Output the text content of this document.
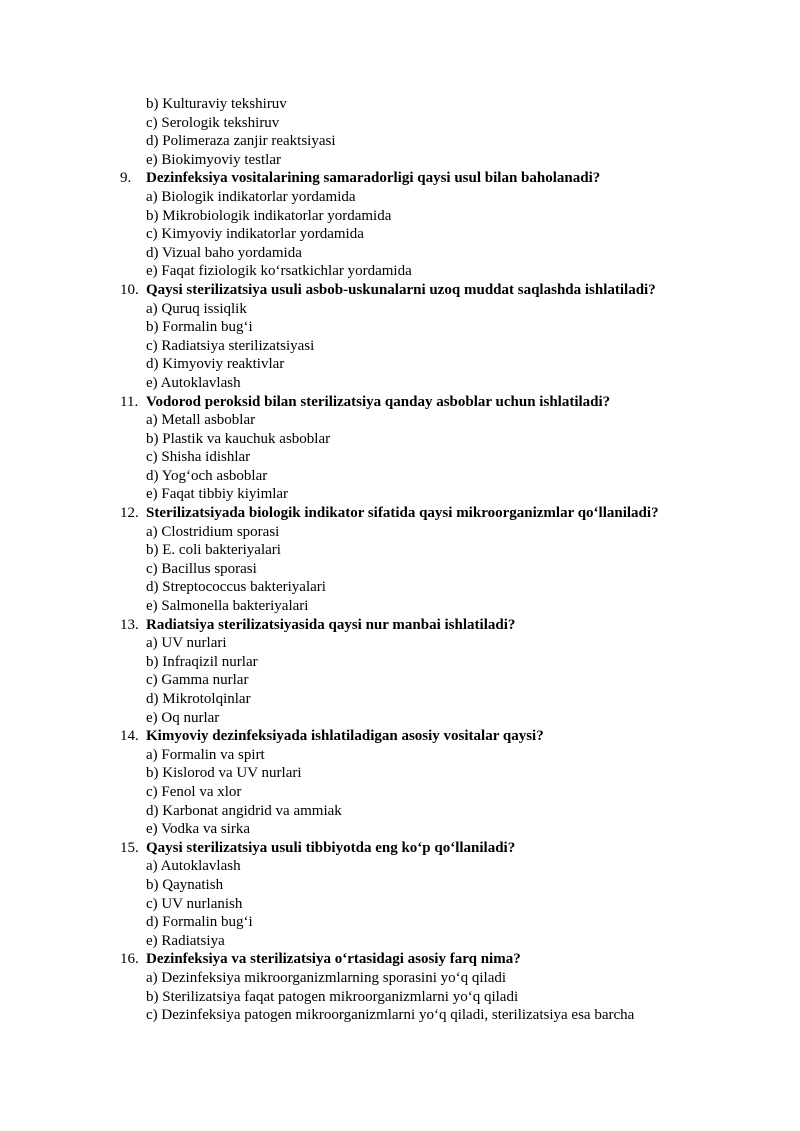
b) Kulturaviy tekshiruv
c) Serologik tekshiruv
d) Polimeraza zanjir reaktsiyasi
e) Biokimyoviy testlar
9. Dezinfeksiya vositalarining samaradorligi qaysi usul bilan baholanadi?
a) Biologik indikatorlar yordamida
b) Mikrobiologik indikatorlar yordamida
c) Kimyoviy indikatorlar yordamida
d) Vizual baho yordamida
e) Faqat fiziologik ko‘rsatkichlar yordamida
10. Qaysi sterilizatsiya usuli asbob-uskunalarni uzoq muddat saqlashda ishlatiladi?
a) Quruq issiqlik
b) Formalin bug‘i
c) Radiatsiya sterilizatsiyasi
d) Kimyoviy reaktivlar
e) Autoklavlash
11. Vodorod peroksid bilan sterilizatsiya qanday asboblar uchun ishlatiladi?
a) Metall asboblar
b) Plastik va kauchuk asboblar
c) Shisha idishlar
d) Yog‘och asboblar
e) Faqat tibbiy kiyimlar
12. Sterilizatsiyada biologik indikator sifatida qaysi mikroorganizmlar qo‘llaniladi?
a) Clostridium sporasi
b) E. coli bakteriyalari
c) Bacillus sporasi
d) Streptococcus bakteriyalari
e) Salmonella bakteriyalari
13. Radiatsiya sterilizatsiyasida qaysi nur manbai ishlatiladi?
a) UV nurlari
b) Infraqizil nurlar
c) Gamma nurlar
d) Mikrotolqinlar
e) Oq nurlar
14. Kimyoviy dezinfeksiyada ishlatiladigan asosiy vositalar qaysi?
a) Formalin va spirt
b) Kislorod va UV nurlari
c) Fenol va xlor
d) Karbonat angidrid va ammiak
e) Vodka va sirka
15. Qaysi sterilizatsiya usuli tibbiyotda eng ko‘p qo‘llaniladi?
a) Autoklavlash
b) Qaynatish
c) UV nurlanish
d) Formalin bug‘i
e) Radiatsiya
16. Dezinfeksiya va sterilizatsiya o‘rtasidagi asosiy farq nima?
a) Dezinfeksiya mikroorganizmlarning sporasini yo‘q qiladi
b) Sterilizatsiya faqat patogen mikroorganizmlarni yo‘q qiladi
c) Dezinfeksiya patogen mikroorganizmlarni yo‘q qiladi, sterilizatsiya esa barcha
